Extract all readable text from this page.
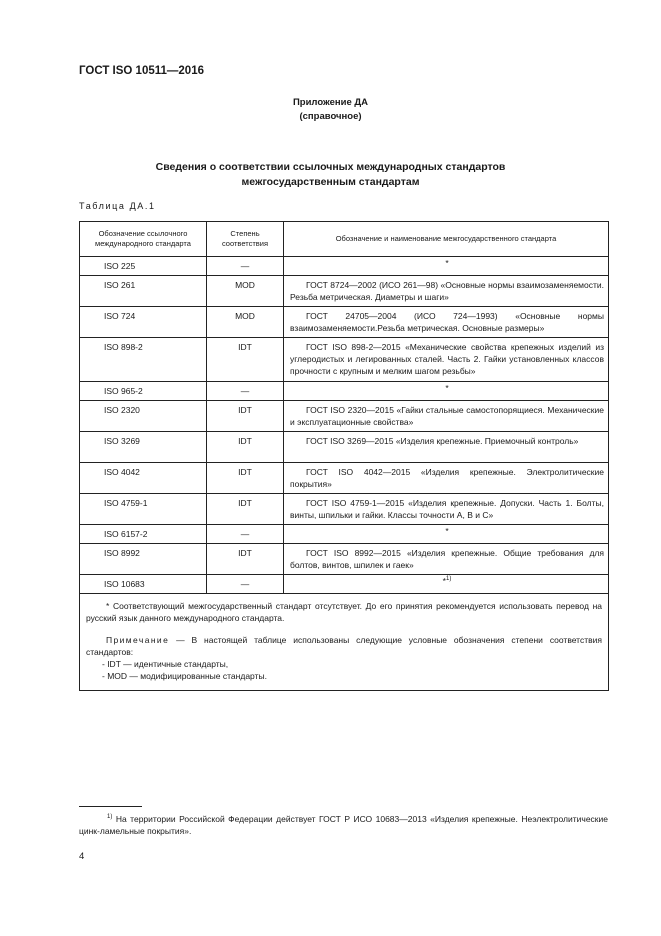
ГОСТ ISO 10511—2016
Приложение ДА
(справочное)
Сведения о соответствии ссылочных международных стандартов
межгосударственным стандартам
Таблица ДА.1
Обозначение ссылочного международного стандарта	Степень соответствия	Обозначение и наименование межгосударственного стандарта
ISO 225	—	*
ISO 261	MOD	ГОСТ 8724—2002 (ИСО 261—98) «Основные нормы взаимозаменяемости. Резьба метрическая. Диаметры и шаги»

ISO 724	MOD	ГОСТ 24705—2004 (ИСО 724—1993) «Основные нормы взаимозаменяемости.Резьба метрическая. Основные размеры»

ISO 898-2	IDT	ГОСТ ISO 898-2—2015 «Механические свойства крепежных изделий из углеродистых и легированных сталей. Часть 2. Гайки установленных классов прочности с крупным и мелким шагом резьбы»

ISO 965-2	—	*
ISO 2320	IDT	ГОСТ ISO 2320—2015 «Гайки стальные самостопорящиеся. Механические и эксплуатационные свойства»

ISO 3269	IDT	ГОСТ ISO 3269—2015 «Изделия крепежные. Приемочный контроль»

ISO 4042	IDT	ГОСТ ISO 4042—2015 «Изделия крепежные. Электролитические покрытия»

ISO 4759-1	IDT	ГОСТ ISO 4759-1—2015 «Изделия крепежные. Допуски. Часть 1. Болты, винты, шпильки и гайки. Классы точности A, B и C»

ISO 6157-2	—	*
ISO 8992	IDT	ГОСТ ISO 8992—2015 «Изделия крепежные. Общие требования для болтов, винтов, шпилек и гаек»

ISO 10683	—	*$^{1)}$

* Соответствующий межгосударственный стандарт отсутствует. До его принятия рекомендуется использовать перевод на русский язык данного международного стандарта.
Примечание — В настоящей таблице использованы следующие условные обозначения степени соответствия стандартов:
- IDT — идентичные стандарты,
- MOD — модифицированные стандарты.		
$^{1)}$ На территории Российской Федерации действует ГОСТ Р ИСО 10683—2013 «Изделия крепежные. Неэлектролитические цинк-ламельные покрытия».
4
